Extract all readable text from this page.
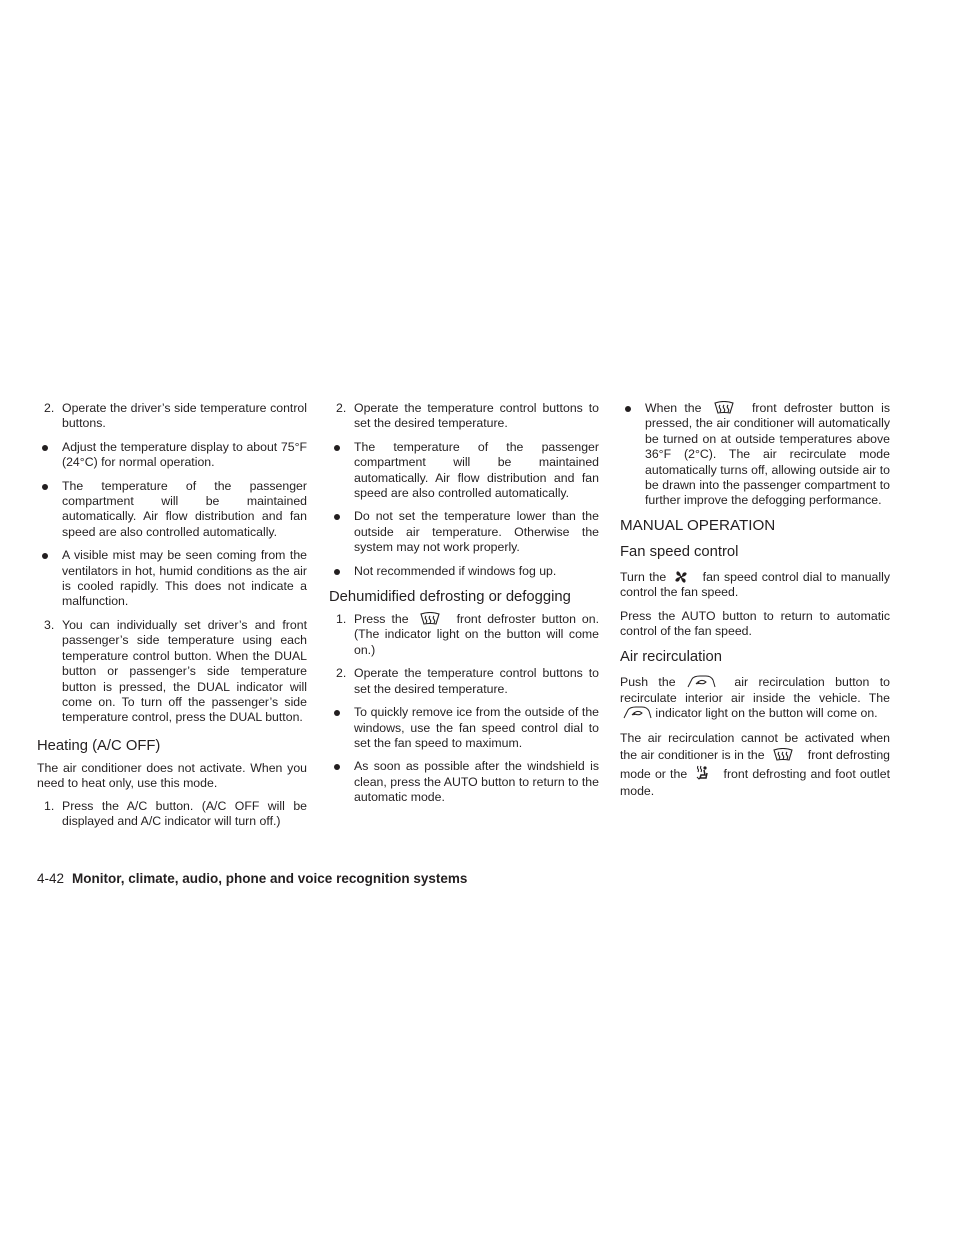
2. Operate the driver’s side temperature control buttons.
Adjust the temperature display to about 75°F (24°C) for normal operation.
The temperature of the passenger compartment will be maintained automatically. Air flow distribution and fan speed are also controlled automatically.
A visible mist may be seen coming from the ventilators in hot, humid conditions as the air is cooled rapidly. This does not indicate a malfunction.
3. You can individually set driver’s and front passenger’s side temperature using each temperature control button. When the DUAL button or passenger’s side temperature button is pressed, the DUAL indicator will come on. To turn off the passenger’s side temperature control, press the DUAL button.
Heating (A/C OFF)

The air conditioner does not activate. When you need to heat only, use this mode.

1. Press the A/C button. (A/C OFF will be displayed and A/C indicator will turn off.)
2. Operate the temperature control buttons to set the desired temperature.
The temperature of the passenger compartment will be maintained automatically. Air flow distribution and fan speed are also controlled automatically.
Do not set the temperature lower than the outside air temperature. Otherwise the system may not work properly.
Not recommended if windows fog up.
Dehumidified defrosting or defogging
1. Press the	front defroster button on. (The indicator light on the button will come on.)
2. Operate the temperature control buttons to set the desired temperature.
To quickly remove ice from the outside of the windows, use the fan speed control dial to set the fan speed to maximum.
As soon as possible after the windshield is clean, press the AUTO button to return to the automatic mode.
When the	front defroster button is pressed, the air conditioner will automatically be turned on at outside temperatures above 36°F (2°C). The air recirculate mode automatically turns off, allowing outside air to be drawn into the passenger compartment to further improve the defogging performance.
MANUAL OPERATION
Fan speed control

Turn the	fan speed control dial to manually control the fan speed.

Press the AUTO button to return to automatic control of the fan speed.

Air recirculation

Push the	air recirculation button to recirculate interior air inside the vehicle. The
indicator light on the button will come on.

The air recirculation cannot be activated when the air conditioner is in the	front defrosting mode or the	front defrosting and foot outlet mode.

4-42 Monitor, climate, audio, phone and voice recognition systems
